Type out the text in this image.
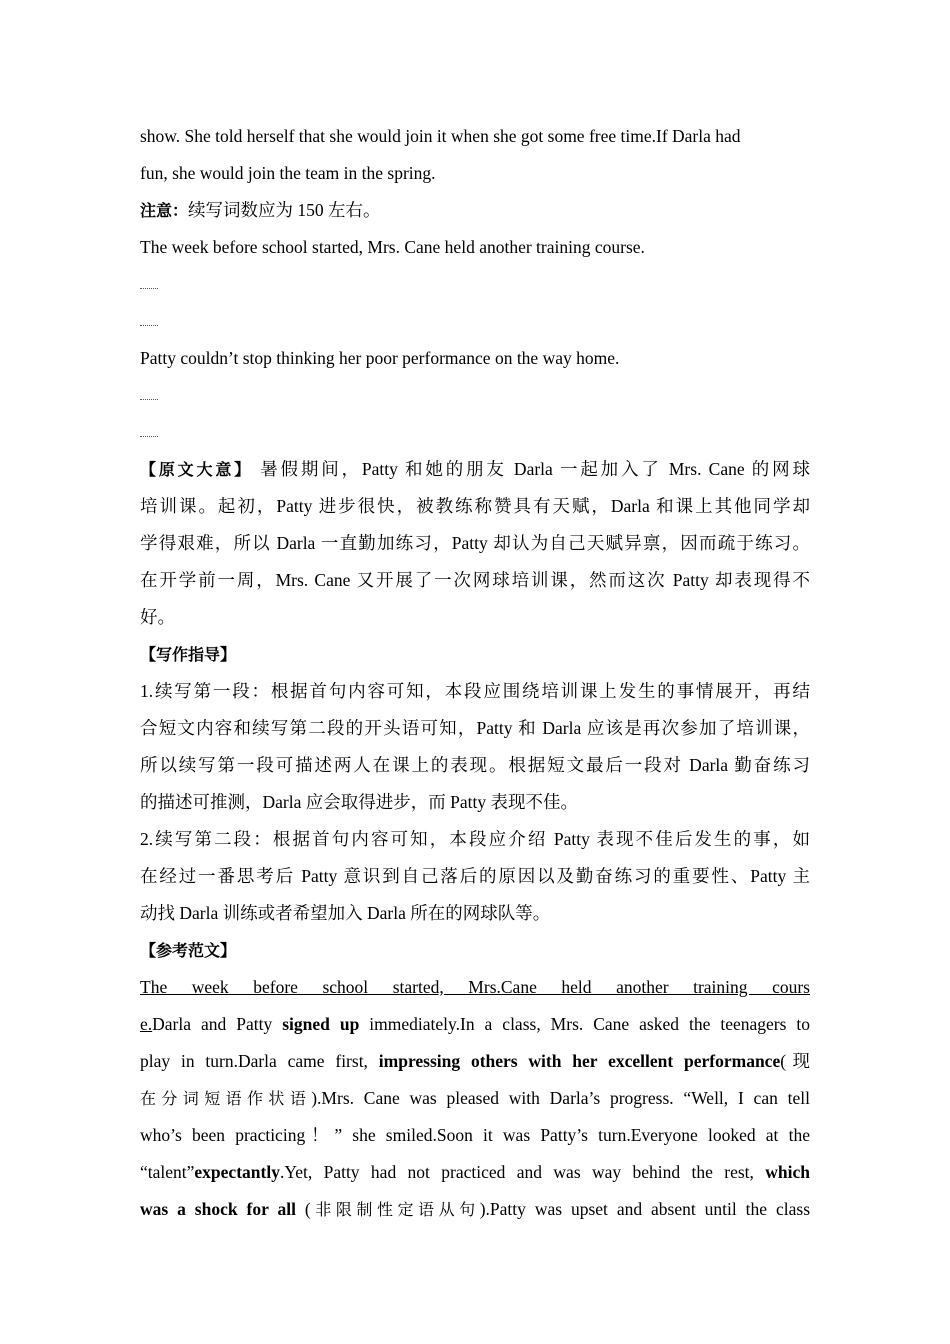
show. She told herself that she would join it when she got some free time.If Darla had
fun, she would join the team in the spring.
注意：续写词数应为 150 左右。
The week before school started, Mrs. Cane held another training course.
Patty couldn’t stop thinking her poor performance on the way home.
【原文大意】 暑假期间，Patty 和她的朋友 Darla 一起加入了 Mrs. Cane 的网球
培训课。起初，Patty 进步很快，被教练称赞具有天赋，Darla 和课上其他同学却
学得艰难，所以 Darla 一直勤加练习，Patty 却认为自己天赋异禀，因而疏于练习。
在开学前一周，Mrs. Cane 又开展了一次网球培训课，然而这次 Patty 却表现得不
好。
【写作指导】
1.续写第一段：根据首句内容可知，本段应围绕培训课上发生的事情展开，再结
合短文内容和续写第二段的开头语可知，Patty 和 Darla 应该是再次参加了培训课，
所以续写第一段可描述两人在课上的表现。根据短文最后一段对 Darla 勤奋练习
的描述可推测，Darla 应会取得进步，而 Patty 表现不佳。
2.续写第二段：根据首句内容可知，本段应介绍 Patty 表现不佳后发生的事，如
在经过一番思考后 Patty 意识到自己落后的原因以及勤奋练习的重要性、Patty 主
动找 Darla 训练或者希望加入 Darla 所在的网球队等。
【参考范文】
The week before school started, Mrs.Cane held another training cours
e.Darla and Patty signed up immediately.In a class, Mrs. Cane asked the teenagers to
play in turn.Darla came first, impressing others with her excellent performance(现
在分词短语作状语).Mrs. Cane was pleased with Darla’s progress. “Well, I can tell
who’s been practicing！” she smiled.Soon it was Patty’s turn.Everyone looked at the
“talent”expectantly.Yet, Patty had not practiced and was way behind the rest, which
was a shock for all (非限制性定语从句).Patty was upset and absent until the class
